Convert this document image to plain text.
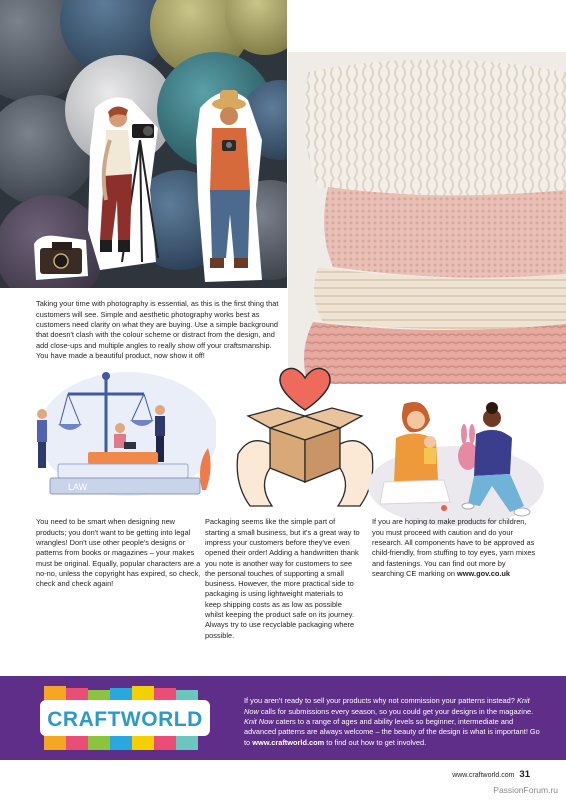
Taking your time with photography is essential, as this is the first thing that customers will see. Simple and aesthetic photography works best as customers need clarity on what they are buying. Use a simple background that doesn't clash with the colour scheme or distract from the design, and add close-ups and multiple angles to really show off your craftsmanship. You have made a beautiful product, now show it off!

LAW

You need to be smart when designing new products; you don't want to be getting into legal wrangles! Don't use other people's designs or patterns from books or magazines – your makes must be original. Equally, popular characters are a no-no, unless the copyright has expired, so check, check and check again!

Packaging seems like the simple part of starting a small business, but it's a great way to impress your customers before they've even opened their order! Adding a handwritten thank you note is another way for customers to see the personal touches of supporting a small business. However, the more practical side to packaging is using lightweight materials to keep shipping costs as as low as possible whilst keeping the product safe on its journey. Always try to use recyclable packaging where possible.

If you are hoping to make products for children, you must proceed with caution and do your research. All components have to be approved as child-friendly, from stuffing to toy eyes, yarn mixes and fastenings. You can find out more by searching CE marking on www.gov.co.uk

CRAFTWORLD

If you aren't ready to sell your products why not commission your patterns instead? Knit Now calls for submissions every season, so you could get your designs in the magazine. Knit Now caters to a range of ages and ability levels so beginner, intermediate and advanced patterns are always welcome – the beauty of the design is what is important! Go to www.craftworld.com to find out how to get involved.

www.craftworld.com 31
PassionForum.ru
